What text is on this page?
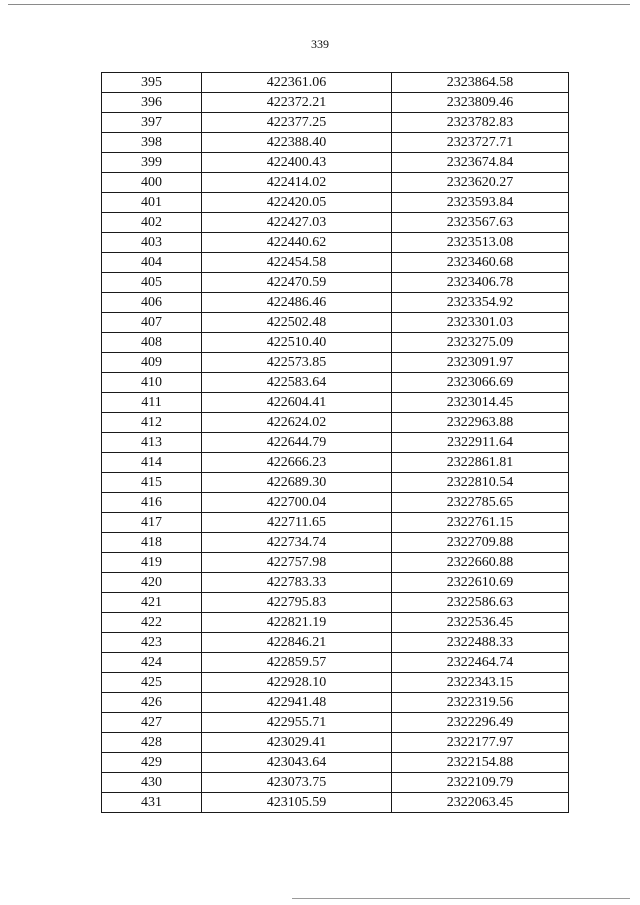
339
395	422361.06	2323864.58
396	422372.21	2323809.46
397	422377.25	2323782.83
398	422388.40	2323727.71
399	422400.43	2323674.84
400	422414.02	2323620.27
401	422420.05	2323593.84
402	422427.03	2323567.63
403	422440.62	2323513.08
404	422454.58	2323460.68
405	422470.59	2323406.78
406	422486.46	2323354.92
407	422502.48	2323301.03
408	422510.40	2323275.09
409	422573.85	2323091.97
410	422583.64	2323066.69
411	422604.41	2323014.45
412	422624.02	2322963.88
413	422644.79	2322911.64
414	422666.23	2322861.81
415	422689.30	2322810.54
416	422700.04	2322785.65
417	422711.65	2322761.15
418	422734.74	2322709.88
419	422757.98	2322660.88
420	422783.33	2322610.69
421	422795.83	2322586.63
422	422821.19	2322536.45
423	422846.21	2322488.33
424	422859.57	2322464.74
425	422928.10	2322343.15
426	422941.48	2322319.56
427	422955.71	2322296.49
428	423029.41	2322177.97
429	423043.64	2322154.88
430	423073.75	2322109.79
431	423105.59	2322063.45
